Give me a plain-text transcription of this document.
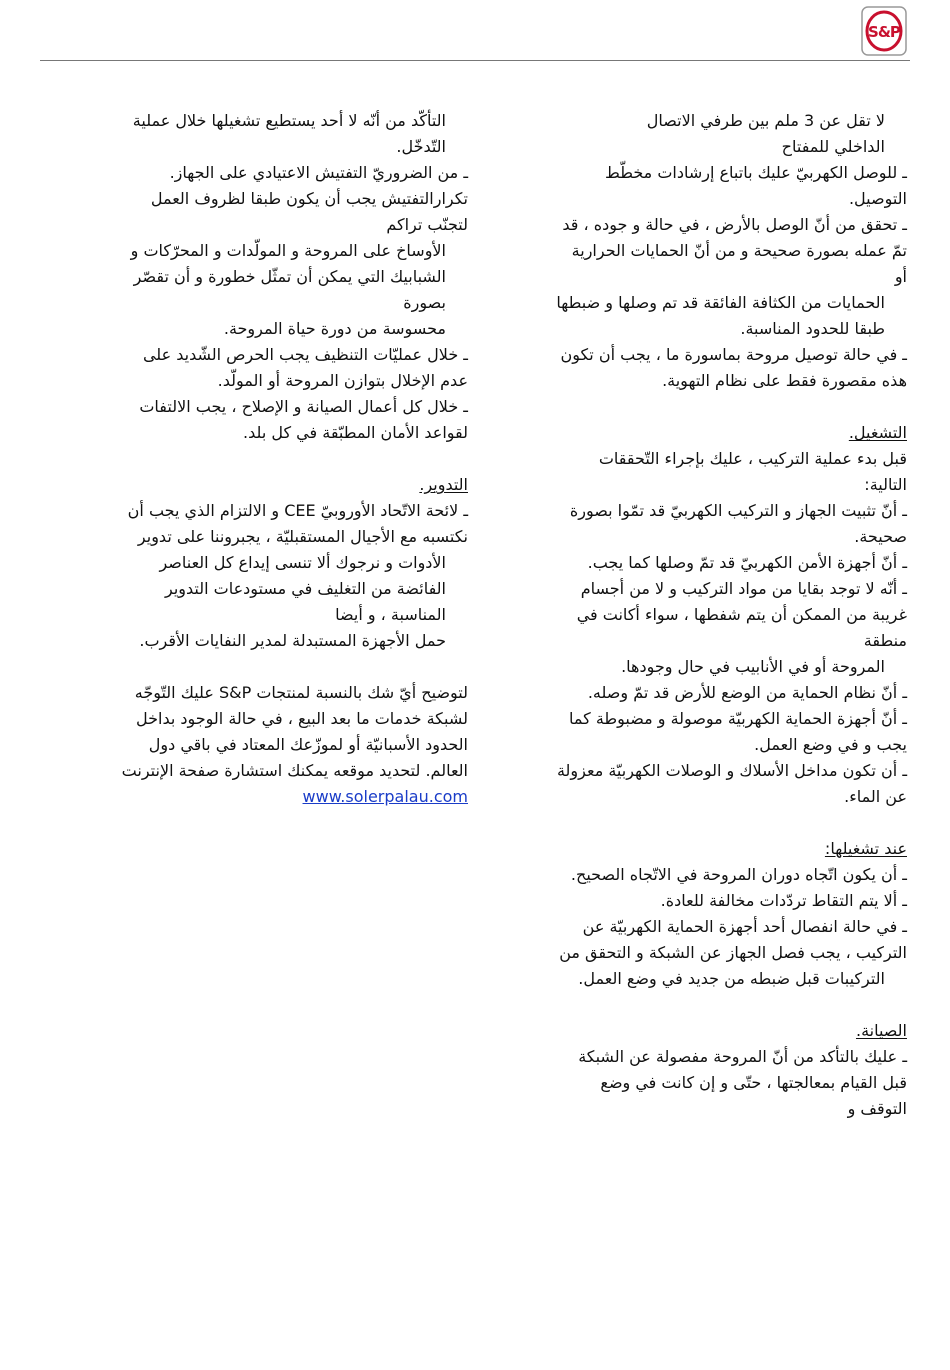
S&P
لا تقل عن 3 ملم بين طرفي الاتصال
الداخلي للمفتاح
ـ للوصل الكهربيّ عليك باتباع إرشادات مخطّط التوصيل.
ـ تحقق من أنّ الوصل بالأرض ، في حالة و جوده ، قد تمّ عمله بصورة صحيحة و من أنّ الحمايات الحرارية أو
الحمايات من الكثافة الفائقة قد تم وصلها و ضبطها طبقا للحدود المناسبة.
ـ في حالة توصيل مروحة بماسورة ما ، يجب أن تكون هذه مقصورة فقط على نظام التهوية.
التشغيل.
قبل بدء عملية التركيب ، عليك بإجراء التّحققات التالية:
ـ أنّ تثبيت الجهاز و التركيب الكهربيّ قد تمّوا بصورة صحيحة.
ـ أنّ أجهزة الأمن الكهربيّ قد تمّ وصلها كما يجب.
ـ أنّه لا توجد بقايا من مواد التركيب و لا من أجسام غريبة من الممكن أن يتم شفطها ، سواء أكانت في منطقة
المروحة أو في الأنابيب في حال وجودها.
ـ أنّ نظام الحماية من الوضع للأرض قد تمّ وصله.
ـ أنّ أجهزة الحماية الكهربيّة موصولة و مضبوطة كما يجب و في وضع العمل.
ـ أن تكون مداخل الأسلاك و الوصلات الكهربيّة معزولة عن الماء.
عند تشغيلها:
ـ أن يكون اتّجاه دوران المروحة في الاتّجاه الصحيح.
ـ ألا يتم التقاط تردّدات مخالفة للعادة.
ـ في حالة انفصال أحد أجهزة الحماية الكهربيّة عن التركيب ، يجب فصل الجهاز عن الشبكة و التحقق من
التركيبات قبل ضبطه من جديد في وضع العمل.
الصيانة.
ـ عليك بالتأكد من أنّ المروحة مفصولة عن الشبكة قبل القيام بمعالجتها ، حتّى و إن كانت في وضع التوقف و
التأكّد من أنّه لا أحد يستطيع تشغيلها خلال عملية التّدخّل.
ـ من الضروريّ التفتيش الاعتيادي على الجهاز. تكرارالتفتيش يجب أن يكون طبقا لظروف العمل لتجنّب تراكم
الأوساخ على المروحة و المولّدات و المحرّكات و الشبابيك التي يمكن أن تمثّل خطورة و أن تقصّر بصورة
محسوسة من دورة حياة المروحة.
ـ خلال عمليّات التنظيف يجب الحرص الشّديد على عدم الإخلال بتوازن المروحة أو المولّد.
ـ خلال كل أعمال الصيانة و الإصلاح ، يجب الالتفات لقواعد الأمان المطبّقة في كل بلد.
التدوير.
ـ لائحة الاتّحاد الأوروبيّ CEE و الالتزام الذي يجب أن نكتسبه مع الأجيال المستقبليّة ، يجبروننا على تدوير
الأدوات و نرجوك ألا تنسى إيداع كل العناصر الفائضة من التغليف في مستودعات التدوير المناسبة ، و أيضا
حمل الأجهزة المستبدلة لمدير النفايات الأقرب.
لتوضيح أيّ شك بالنسبة لمنتجات S&P عليك التّوجّه لشبكة خدمات ما بعد البيع ، في حالة الوجود بداخل الحدود الأسبانيّة أو لموزّعك المعتاد في باقي دول العالم. لتحديد موقعه يمكنك استشارة صفحة الإنترنت
www.solerpalau.com
